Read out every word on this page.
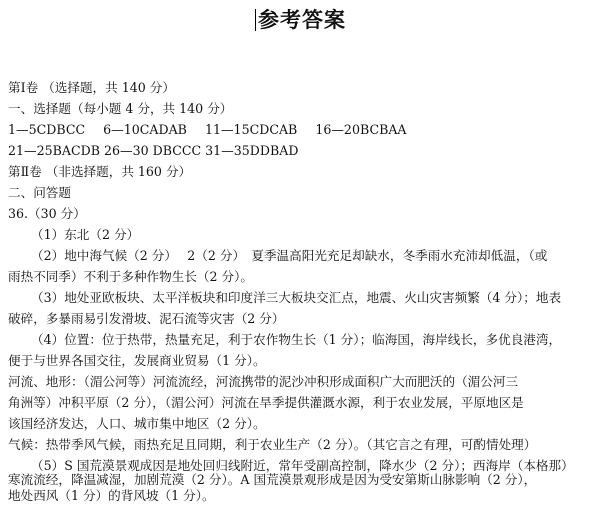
参考答案
第Ⅰ卷 （选择题，共 140 分）
一、选择题（每小题 4 分，共 140 分）
1—5CDBCC 6—10CADAB 11—15CDCAB 16—20BCBAA
21—25BACDB 26—30 DBCCC 31—35DDBAD
第Ⅱ卷 （非选择题，共 160 分）
二、问答题
36.（30 分）
（1）东北（2 分）
（2）地中海气候（2 分）　 2（2 分）　夏季温高阳光充足却缺水，冬季雨水充沛却低温，（或
雨热不同季）不利于多种作物生长（2 分）。
（3）地处亚欧板块、太平洋板块和印度洋三大板块交汇点，地震、火山灾害频繁（4 分）；地表
破碎，多暴雨易引发滑坡、泥石流等灾害（2 分）
（4）位置：位于热带，热量充足，利于农作物生长（1 分）；临海国，海岸线长，多优良港湾，
便于与世界各国交往，发展商业贸易（1 分）。
河流、地形：（湄公河等）河流流经，河流携带的泥沙冲积形成面积广大而肥沃的（湄公河三
角洲等）冲积平原（2 分），（湄公河）河流在旱季提供灌溉水源，利于农业发展，平原地区是
该国经济发达，人口、城市集中地区（2 分）。
气候：热带季风气候，雨热充足且同期，利于农业生产（2 分）。（其它言之有理，可酌情处理）
（5）S 国荒漠景观成因是地处回归线附近，常年受副高控制，降水少（2 分）；西海岸（本格那）
寒流流经，降温减湿，加剧荒漠（2 分）。A 国荒漠景观形成是因为受安第斯山脉影响（2 分），
地处西风（1 分）的背风坡（1 分）。
